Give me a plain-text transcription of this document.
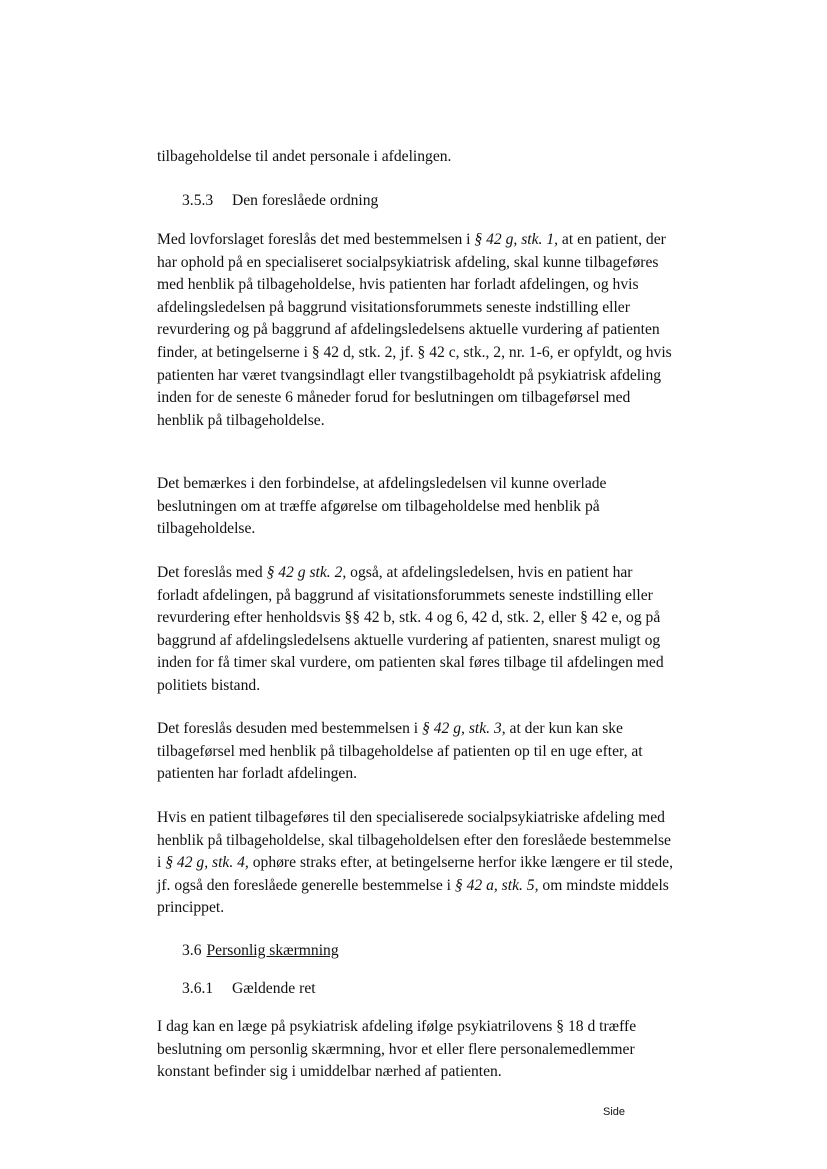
tilbageholdelse til andet personale i afdelingen.

3.5.3 Den foreslåede ordning

Med lovforslaget foreslås det med bestemmelsen i § 42 g, stk. 1, at en patient, der har ophold på en specialiseret socialpsykiatrisk afdeling, skal kunne tilbageføres med henblik på tilbageholdelse, hvis patienten har forladt afdelingen, og hvis afdelingsledelsen på baggrund visitationsforummets seneste indstilling eller revurdering og på baggrund af afdelingsledelsens aktuelle vurdering af patienten finder, at betingelserne i § 42 d, stk. 2, jf. § 42 c, stk., 2, nr. 1-6, er opfyldt, og hvis patienten har været tvangsindlagt eller tvangstilbageholdt på psykiatrisk afdeling inden for de seneste 6 måneder forud for beslutningen om tilbageførsel med henblik på tilbageholdelse.

Det bemærkes i den forbindelse, at afdelingsledelsen vil kunne overlade beslutningen om at træffe afgørelse om tilbageholdelse med henblik på tilbageholdelse.

Det foreslås med § 42 g stk. 2, også, at afdelingsledelsen, hvis en patient har forladt afdelingen, på baggrund af visitationsforummets seneste indstilling eller revurdering efter henholdsvis §§ 42 b, stk. 4 og 6, 42 d, stk. 2, eller § 42 e, og på baggrund af afdelingsledelsens aktuelle vurdering af patienten, snarest muligt og inden for få timer skal vurdere, om patienten skal føres tilbage til afdelingen med politiets bistand.

Det foreslås desuden med bestemmelsen i § 42 g, stk. 3, at der kun kan ske tilbageførsel med henblik på tilbageholdelse af patienten op til en uge efter, at patienten har forladt afdelingen.

Hvis en patient tilbageføres til den specialiserede socialpsykiatriske afdeling med henblik på tilbageholdelse, skal tilbageholdelsen efter den foreslåede bestemmelse i § 42 g, stk. 4, ophøre straks efter, at betingelserne herfor ikke længere er til stede, jf. også den foreslåede generelle bestemmelse i § 42 a, stk. 5, om mindste middels princippet.

3.6 Personlig skærmning
3.6.1 Gældende ret

I dag kan en læge på psykiatrisk afdeling ifølge psykiatrilovens § 18 d træffe beslutning om personlig skærmning, hvor et eller flere personalemedlemmer konstant befinder sig i umiddelbar nærhed af patienten.

Side
